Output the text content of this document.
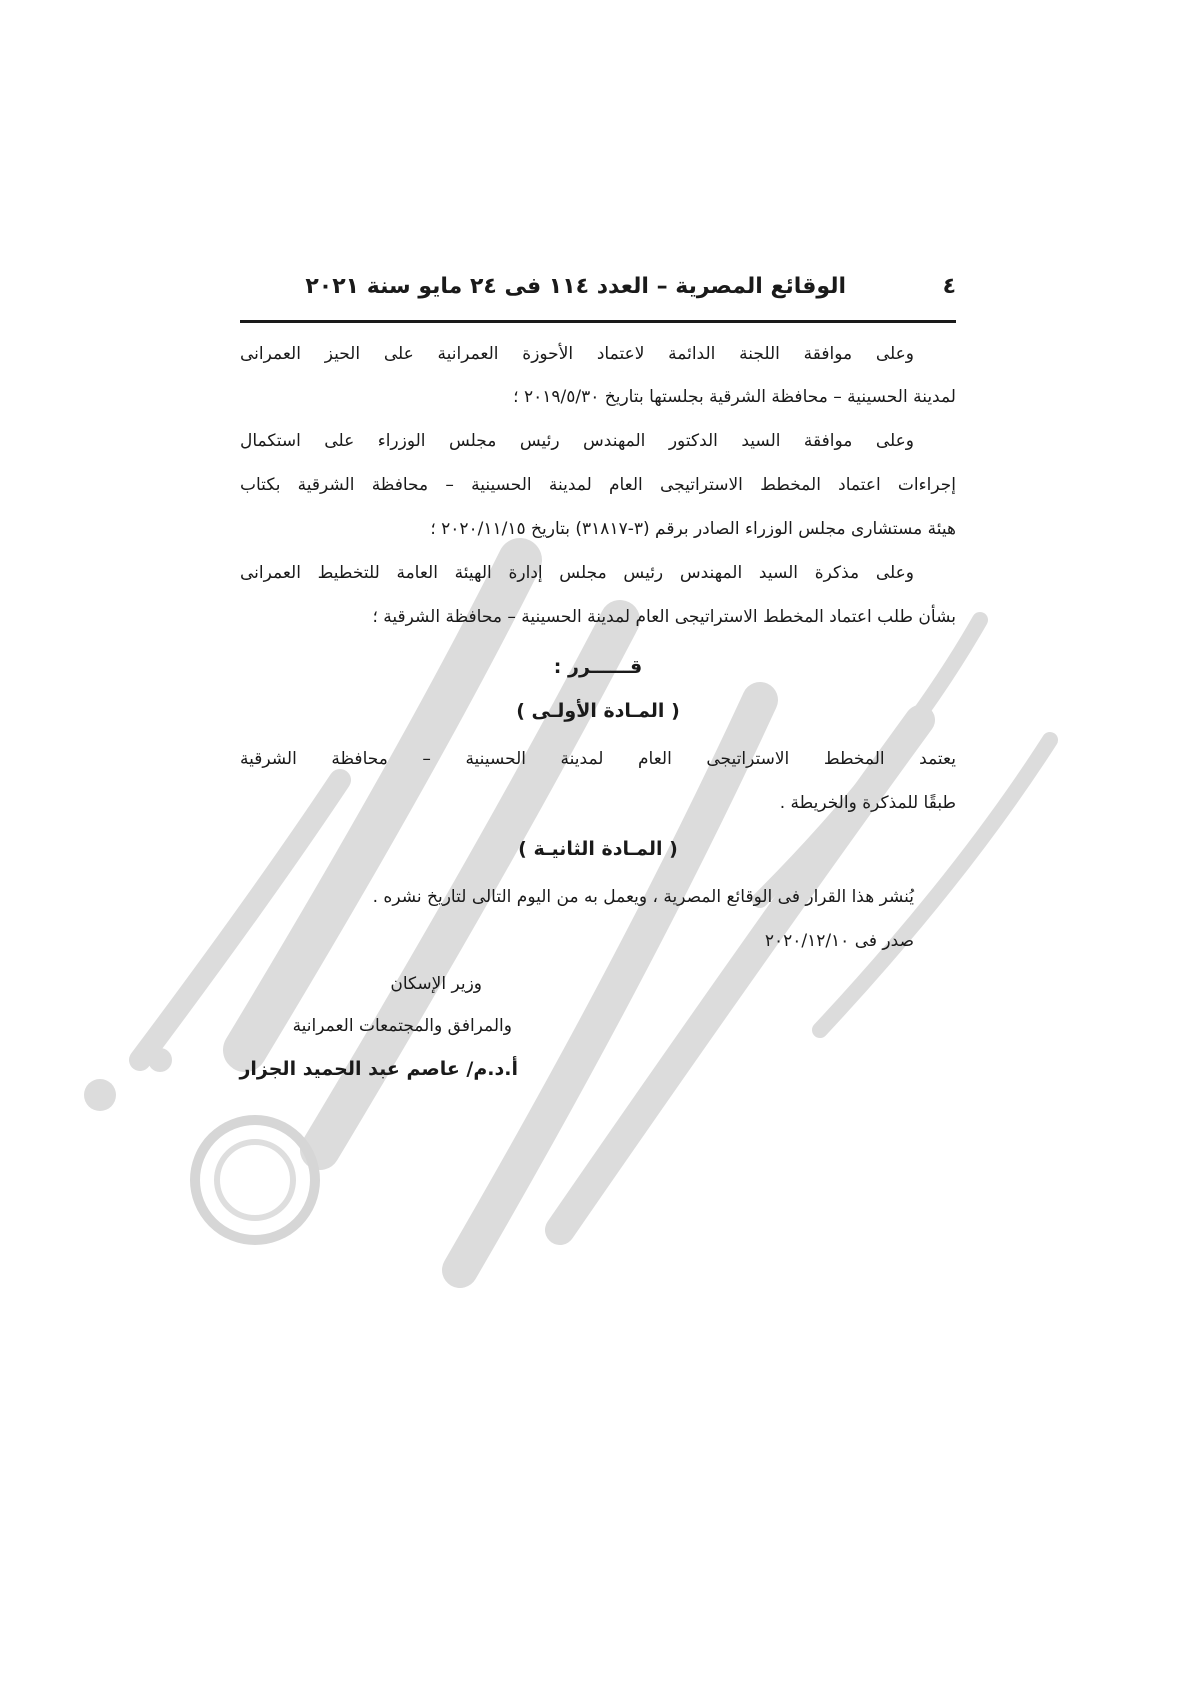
٤
الوقائع المصرية – العدد ١١٤ فى ٢٤ مايو سنة ٢٠٢١
وعلى موافقة اللجنة الدائمة لاعتماد الأحوزة العمرانية على الحيز العمرانى
لمدينة الحسينية – محافظة الشرقية بجلستها بتاريخ ٢٠١٩/٥/٣٠ ؛
وعلى موافقة السيد الدكتور المهندس رئيس مجلس الوزراء على استكمال
إجراءات اعتماد المخطط الاستراتيجى العام لمدينة الحسينية – محافظة الشرقية بكتاب
هيئة مستشارى مجلس الوزراء الصادر برقم (٣-٣١٨١٧) بتاريخ ٢٠٢٠/١١/١٥ ؛
وعلى مذكرة السيد المهندس رئيس مجلس إدارة الهيئة العامة للتخطيط العمرانى
بشأن طلب اعتماد المخطط الاستراتيجى العام لمدينة الحسينية – محافظة الشرقية ؛
قــــــرر :
( المـادة الأولـى )
يعتمد المخطط الاستراتيجى العام لمدينة الحسينية – محافظة الشرقية
طبقًا للمذكرة والخريطة .
( المـادة الثانيـة )
يُنشر هذا القرار فى الوقائع المصرية ، ويعمل به من اليوم التالى لتاريخ نشره .
صدر فى ٢٠٢٠/١٢/١٠
وزير الإسكان
والمرافق والمجتمعات العمرانية
أ.د.م/ عاصم عبد الحميد الجزار
